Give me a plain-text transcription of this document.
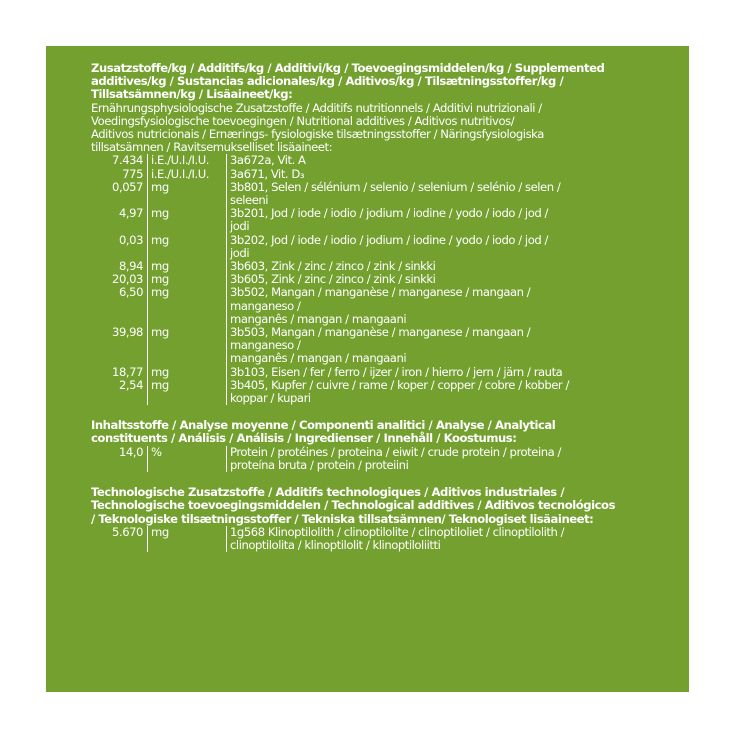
Zusatzstoffe/kg / Additifs/kg / Additivi/kg / Toevoegingsmiddelen/kg / Supplemented
additives/kg / Sustancias adicionales/kg / Aditivos/kg / Tilsætningsstoffer/kg /
Tillsatsämnen/kg / Lisäaineet/kg:
Ernährungsphysiologische Zusatzstoffe / Additifs nutritionnels / Additivi nutrizionali /
Voedingsfysiologische toevoegingen / Nutritional additives / Aditivos nutritivos/
Aditivos nutricionais / Ernærings- fysiologiske tilsætningsstoffer / Näringsfysiologiska
tillsatsämnen / Ravitsemukselliset lisäaineet:
7.434	i.E./U.I./I.U.	3a672a, Vit. A

775	i.E./U.I./I.U.	3a671, Vit. D₃

0,057	mg	3b801, Selen / sélénium / selenio / selenium / selénio / selen /
seleeni

4,97	mg	3b201, Jod / iode / iodio / jodium / iodine / yodo / iodo / jod /
jodi

0,03	mg	3b202, Jod / iode / iodio / jodium / iodine / yodo / iodo / jod /
jodi

8,94	mg	3b603, Zink / zinc / zinco / zink / sinkki

20,03	mg	3b605, Zink / zinc / zinco / zink / sinkki

6,50	mg	3b502, Mangan / manganèse / manganese / mangaan /
manganeso /
manganês / mangan / mangaani

39,98	mg	3b503, Mangan / manganèse / manganese / mangaan /
manganeso /
manganês / mangan / mangaani

18,77	mg	3b103, Eisen / fer / ferro / ijzer / iron / hierro / jern / järn / rauta

2,54	mg	3b405, Kupfer / cuivre / rame / koper / copper / cobre / kobber /
koppar / kupari
Inhaltsstoffe / Analyse moyenne / Componenti analitici / Analyse / Analytical
constituents / Análisis / Análisis / Ingredienser / Innehåll / Koostumus:
14,0	%	Protein / protéines / proteina / eiwit / crude protein / proteina /
proteína bruta / protein / proteiini
Technologische Zusatzstoffe / Additifs technologiques / Aditivos industriales /
Technologische toevoegingsmiddelen / Technological additives / Aditivos tecnológicos
/ Teknologiske tilsætningsstoffer / Tekniska tillsatsämnen/ Teknologiset lisäaineet:
5.670	mg	1g568 Klinoptilolith / clinoptilolite / clinoptiloliet / clinoptilolith /
clinoptilolita / klinoptilolit / klinoptiloliitti
